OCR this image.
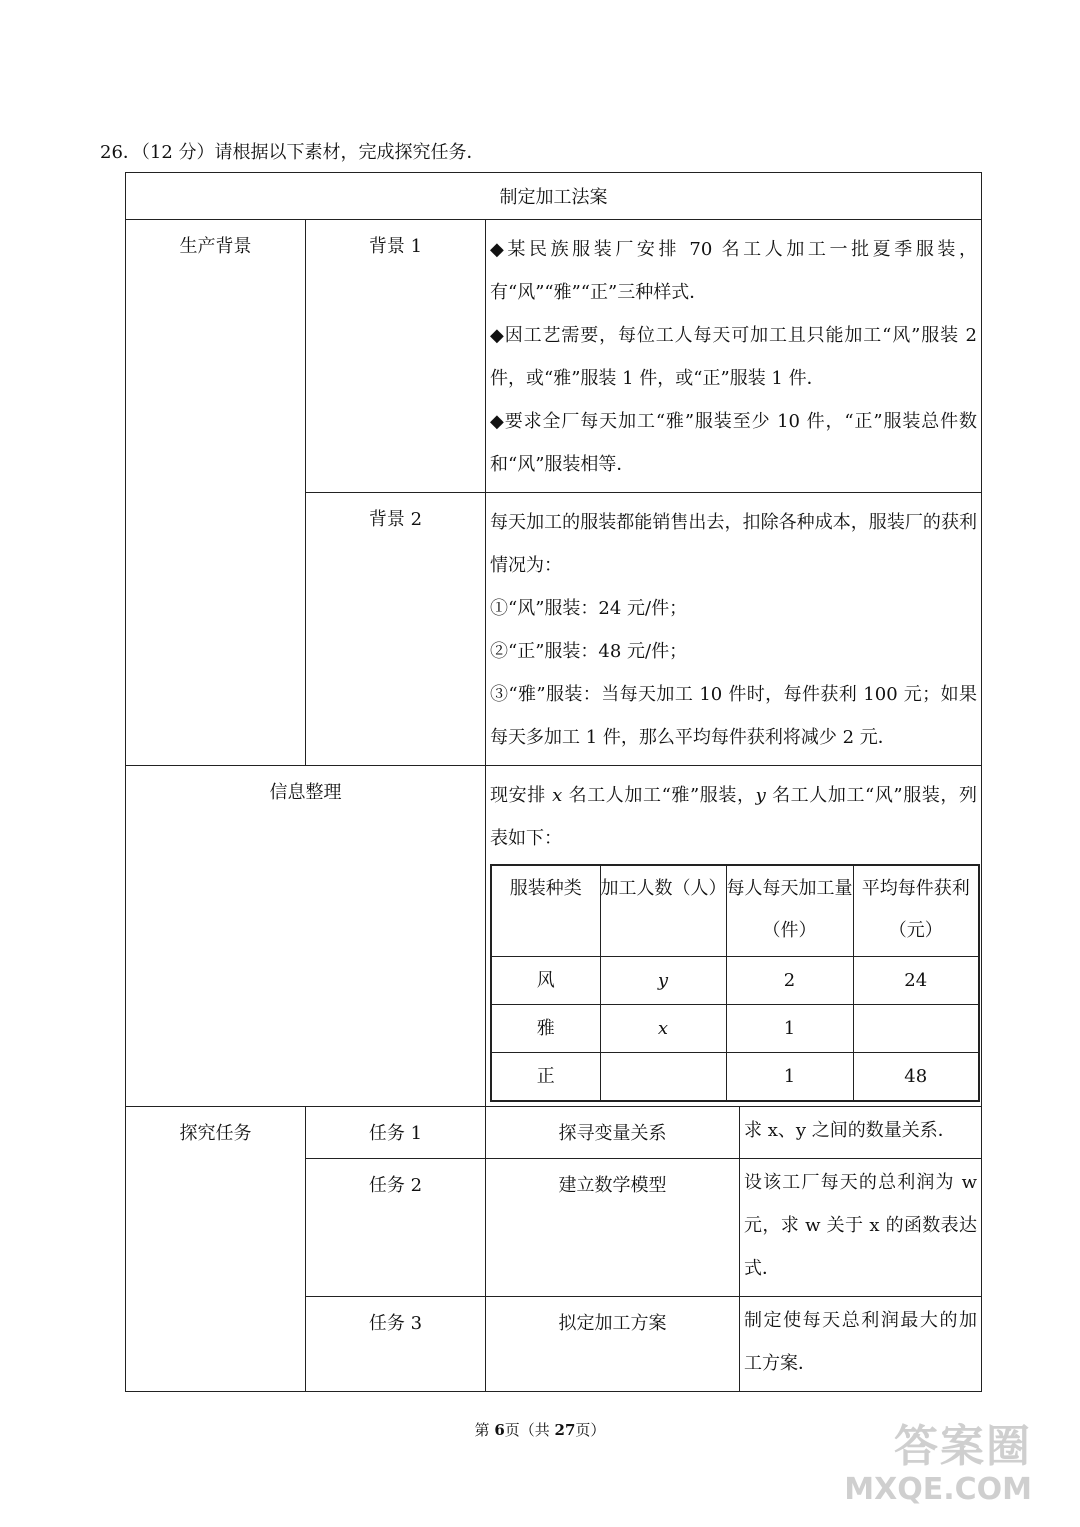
26．（12 分）请根据以下素材，完成探究任务．
制定加工法案
生产背景	背景 1	◆某民族服装厂安排 70 名工人加工一批夏季服装，有“风”“雅”“正”三种样式．

◆因工艺需要，每位工人每天可加工且只能加工“风”服装 2 件，或“雅”服装 1 件，或“正”服装 1 件．

◆要求全厂每天加工“雅”服装至少 10 件，“正”服装总件数和“风”服装相等．

背景 2	每天加工的服装都能销售出去，扣除各种成本，服装厂的获利情况为：

①“风”服装：24 元/件；

②“正”服装：48 元/件；

③“雅”服装：当每天加工 10 件时，每件获利 100 元；如果每天多加工 1 件，那么平均每件获利将减少 2 元．

信息整理	现安排 x 名工人加工“雅”服装，y 名工人加工“风”服装，列表如下：
服装种类	加工人数（人）	每人每天加工量（件）	平均每件获利（元）
风	y	2	24
雅	x	1	
正		1	48

探究任务	任务 1	探寻变量关系	求 x、y 之间的数量关系．
任务 2	建立数学模型	设该工厂每天的总利润为 w 元，求 w 关于 x 的函数表达式．
任务 3	拟定加工方案	制定使每天总利润最大的加工方案．
第 6页（共 27页）	答案圈
MXQE.COM
